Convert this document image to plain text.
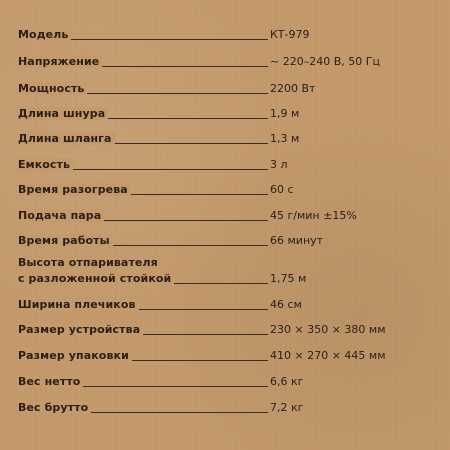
Модель	КТ-979
Напряжение	~ 220–240 В, 50 Гц
Мощность	2200 Вт
Длина шнура	1,9 м
Длина шланга	1,3 м
Емкость	3 л
Время разогрева	60 с
Подача пара	45 г/мин ±15%
Время работы	66 минут
Высота отпаривателя
с разложенной стойкой	1,75 м
Ширина плечиков	46 см
Размер устройства	230 × 350 × 380 мм
Размер упаковки	410 × 270 × 445 мм
Вес нетто	6,6 кг
Вес брутто	7,2 кг
